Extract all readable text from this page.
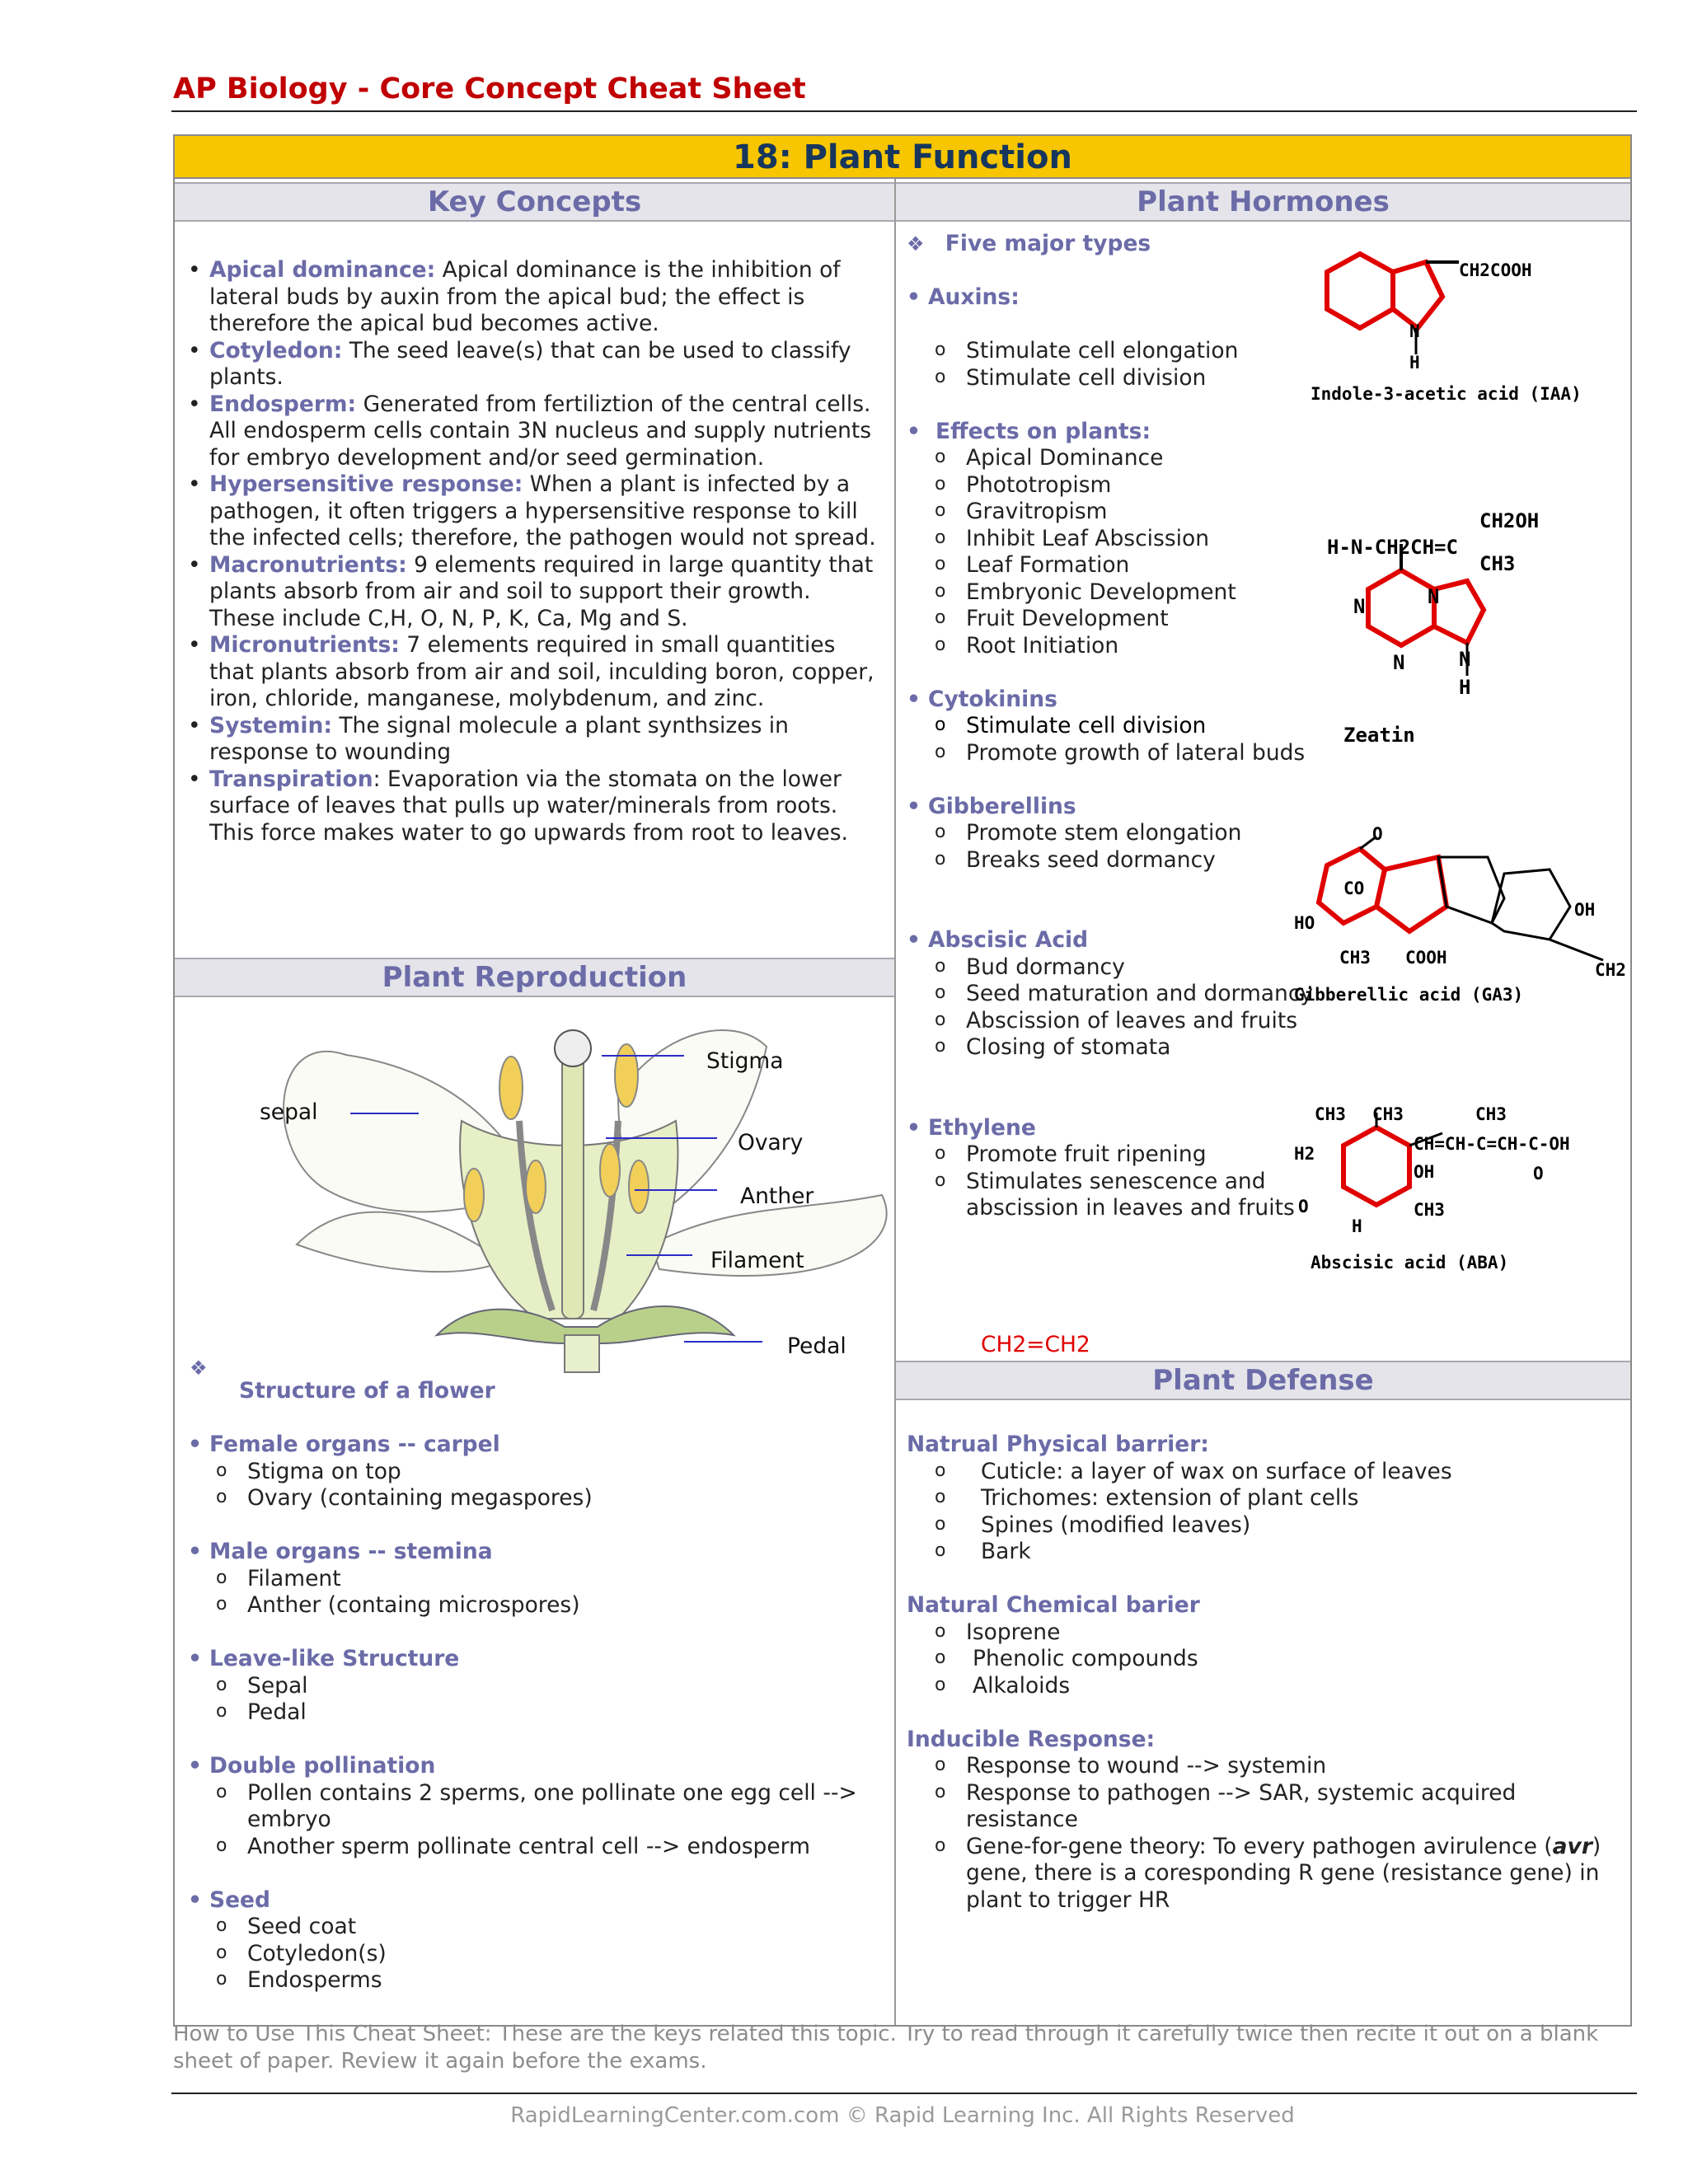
AP Biology - Core Concept Cheat Sheet
18: Plant Function
Key Concepts	Plant Hormones
Plant Reproduction
Plant Defense
• Apical dominance: Apical dominance is the inhibition of lateral buds by auxin from the apical bud; the effect is therefore the apical bud becomes active.
• Cotyledon: The seed leave(s) that can be used to classify plants.
• Endosperm: Generated from fertiliztion of the central cells. All endosperm cells contain 3N nucleus and supply nutrients for embryo development and/or seed germination.
• Hypersensitive response: When a plant is infected by a pathogen, it often triggers a hypersensitive response to kill the infected cells; therefore, the pathogen would not spread.
• Macronutrients: 9 elements required in large quantity that plants absorb from air and soil to support their growth. These include C,H, O, N, P, K, Ca, Mg and S.
• Micronutrients: 7 elements required in small quantities that plants absorb from air and soil, inculding boron, copper, iron, chloride, manganese, molybdenum, and zinc.
• Systemin: The signal molecule a plant synthsizes in response to wounding
• Transpiration: Evaporation via the stomata on the lower surface of leaves that pulls up water/minerals from roots. This force makes water to go upwards from root to leaves.
Stigma
sepal
Ovary
Anther
Filament
Pedal
❖
Structure of a flower
• Female organs -- carpel
o Stigma on top
o Ovary (containing megaspores)
• Male organs -- stemina
o Filament
o Anther (containg microspores)
• Leave-like Structure
o Sepal
o Pedal
• Double pollination
o Pollen contains 2 sperms, one pollinate one egg cell --> embryo
o Another sperm pollinate central cell --> endosperm
• Seed
o Seed coat
o Cotyledon(s)
o Endosperms
❖ Five major types
• Auxins:
o Stimulate cell elongation
o Stimulate cell division
• Effects on plants:
o Apical Dominance
o Phototropism
o Gravitropism
o Inhibit Leaf Abscission
o Leaf Formation
o Embryonic Development
o Fruit Development
o Root Initiation
• Cytokinins
o Stimulate cell division
o Promote growth of lateral buds
• Gibberellins
o Promote stem elongation
o Breaks seed dormancy
• Abscisic Acid
o Bud dormancy
o Seed maturation and dormancy
o Abscission of leaves and fruits
o Closing of stomata
• Ethylene
o Promote fruit ripening
o Stimulates senescence and abscission in leaves and fruits
CH2=CH2
CH2COOH
N
H
Indole-3-acetic acid (IAA)
H-N-CH2CH=C
CH2OH
CH3
N	N
N	N
H
Zeatin
O
CO
HO
CH3 COOH
OH
CH2
Gibberellic acid (GA3)
CH3 CH3	CH3
CH=CH-C=CH-C-OH
H2
OH	O
O	CH3
H
Abscisic acid (ABA)
Natrual Physical barrier:
o Cuticle: a layer of wax on surface of leaves
o Trichomes: extension of plant cells
o Spines (modified leaves)
o Bark
Natural Chemical barier
o Isoprene
o Phenolic compounds
o Alkaloids
Inducible Response:
o Response to wound --> systemin
o Response to pathogen --> SAR, systemic acquired resistance
o Gene-for-gene theory: To every pathogen avirulence (avr) gene, there is a coresponding R gene (resistance gene) in plant to trigger HR
How to Use This Cheat Sheet: These are the keys related this topic. Try to read through it carefully twice then recite it out on a blank sheet of paper. Review it again before the exams.
RapidLearningCenter.com.com © Rapid Learning Inc. All Rights Reserved
